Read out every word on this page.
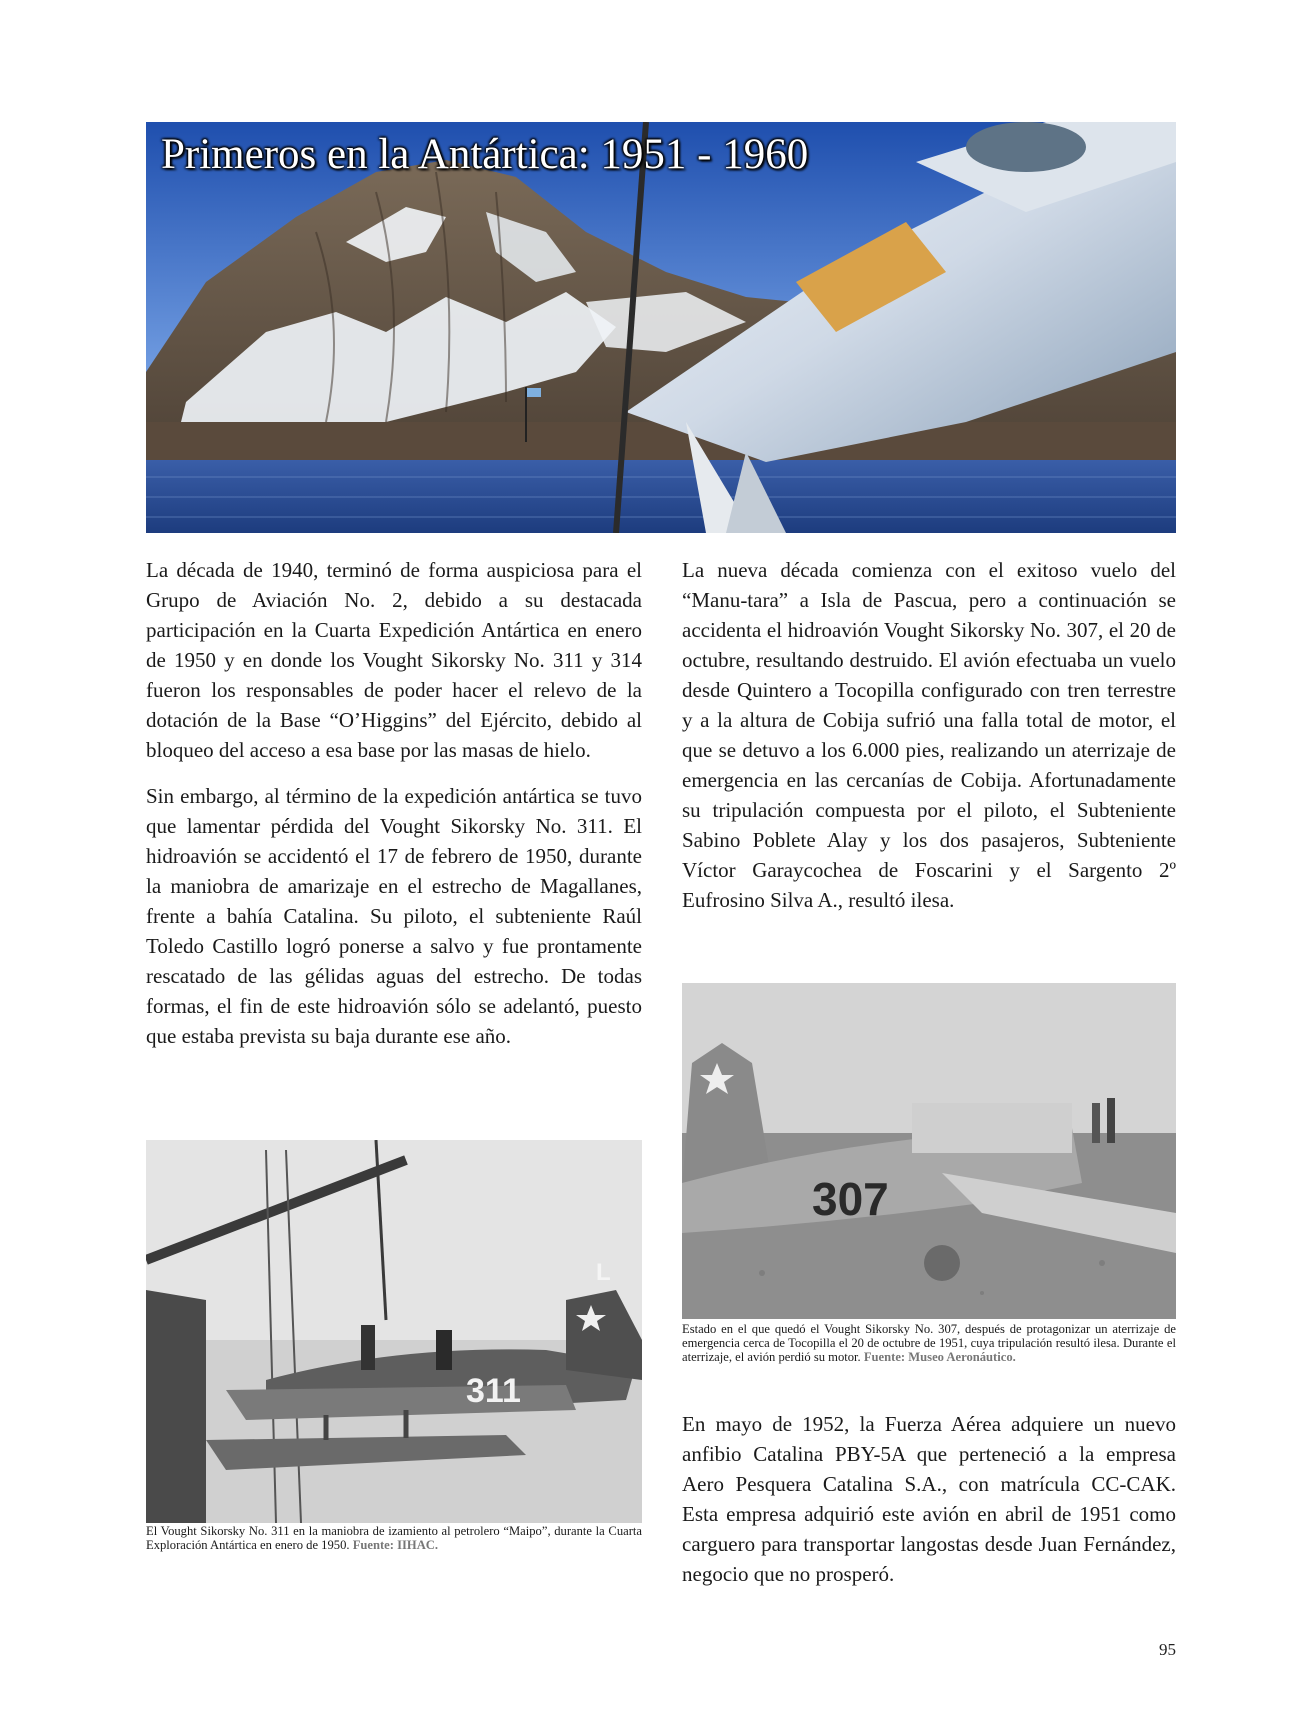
Primeros en la Antártica: 1951 - 1960

La década de 1940, terminó de forma auspiciosa para el Grupo de Aviación No. 2, debido a su destacada participación en la Cuarta Expedición Antártica en enero de 1950 y en donde los Vought Sikorsky No. 311 y 314 fueron los responsables de poder hacer el relevo de la dotación de la Base “O’Higgins” del Ejército, debido al bloqueo del acceso a esa base por las masas de hielo.

Sin embargo, al término de la expedición antártica se tuvo que lamentar pérdida del Vought Sikorsky No. 311. El hidroavión se accidentó el 17 de febrero de 1950, durante la maniobra de amarizaje en el estrecho de Magallanes, frente a bahía Catalina. Su piloto, el subteniente Raúl Toledo Castillo logró ponerse a salvo y fue prontamente rescatado de las gélidas aguas del estrecho. De todas formas, el fin de este hidroavión sólo se adelantó, puesto que estaba prevista su baja durante ese año.

La nueva década comienza con el exitoso vuelo del “Manu-tara” a Isla de Pascua, pero a continuación se accidenta el hidroavión Vought Sikorsky No. 307, el 20 de octubre, resultando destruido. El avión efectuaba un vuelo desde Quintero a Tocopilla configurado con tren terrestre y a la altura de Cobija sufrió una falla total de motor, el que se detuvo a los 6.000 pies, realizando un aterrizaje de emergencia en las cercanías de Cobija. Afortunadamente su tripulación compuesta por el piloto, el Subteniente Sabino Poblete Alay y los dos pasajeros, Subteniente Víctor Garaycochea de Foscarini y el Sargento 2º Eufrosino Silva A., resultó ilesa.

307
Estado en el que quedó el Vought Sikorsky No. 307, después de protagonizar un aterrizaje de emergencia cerca de Tocopilla el 20 de octubre de 1951, cuya tripulación resultó ilesa. Durante el aterrizaje, el avión perdió su motor. Fuente: Museo Aeronáutico.

En mayo de 1952, la Fuerza Aérea adquiere un nuevo anfibio Catalina PBY-5A que perteneció a la empresa Aero Pesquera Catalina S.A., con matrícula CC-CAK. Esta empresa adquirió este avión en abril de 1951 como carguero para transportar langostas desde Juan Fernández, negocio que no prosperó.

L
311
El Vought Sikorsky No. 311 en la maniobra de izamiento al petrolero “Maipo”, durante la Cuarta Exploración Antártica en enero de 1950. Fuente: IIHAC.
95
